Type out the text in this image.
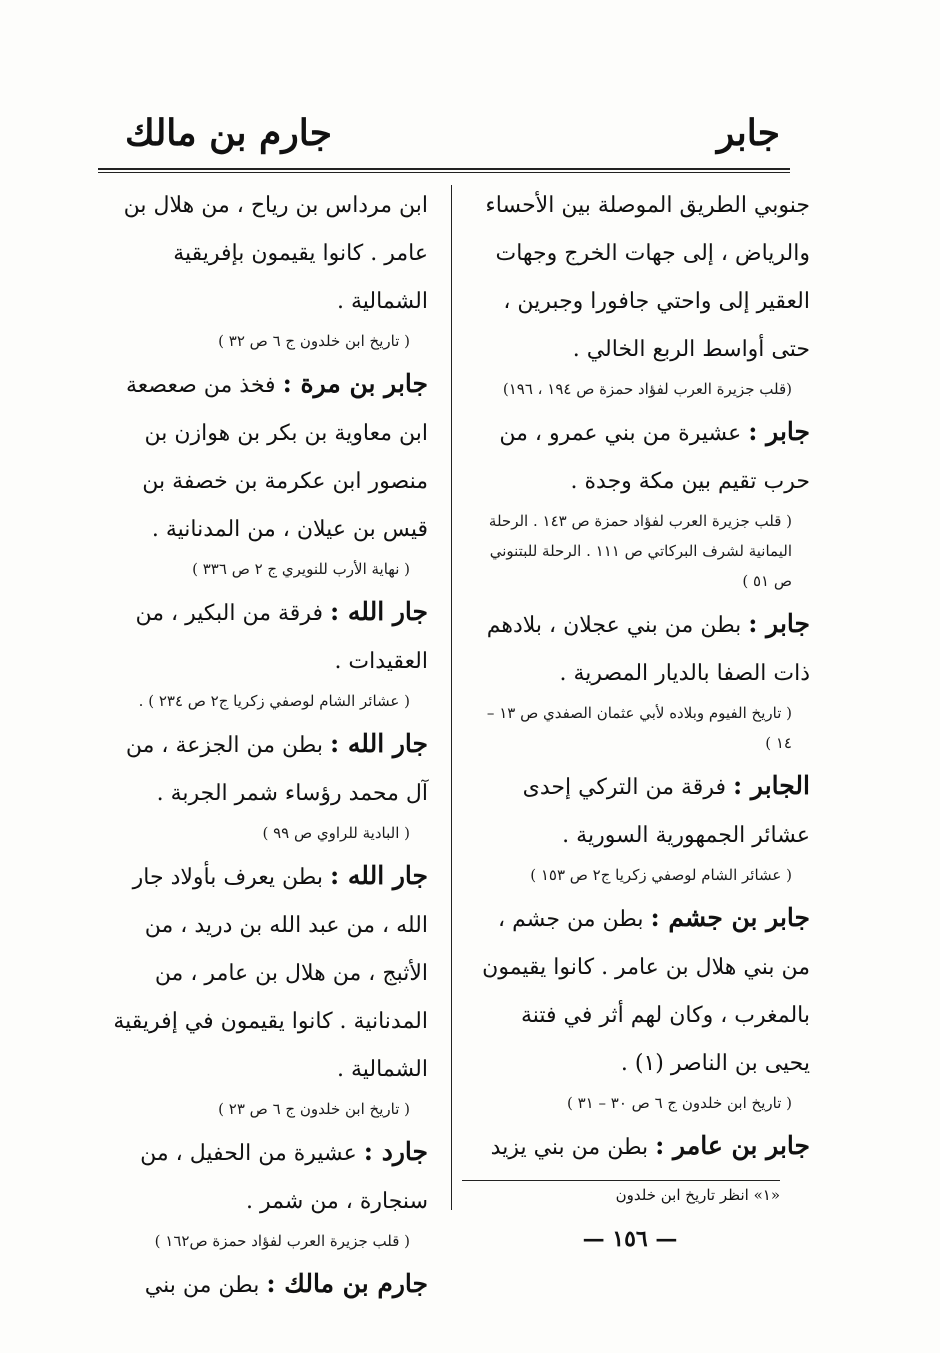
جابر
جارم بن مالك

جنوبي الطريق الموصلة بين الأحساء والرياض ، إلى جهات الخرج وجهات العقير إلى واحتي جافورا وجبرين ، حتى أواسط الربع الخالي .

(قلب جزيرة العرب لفؤاد حمزة ص ١٩٤ ، ١٩٦)

جابر : عشيرة من بني عمرو ، من حرب تقيم بين مكة وجدة .

( قلب جزيرة العرب لفؤاد حمزة ص ١٤٣ . الرحلة اليمانية لشرف البركاتي ص ١١١ . الرحلة للبتنوني ص ٥١ )

جابر : بطن من بني عجلان ، بلادهم ذات الصفا بالديار المصرية .

( تاريخ الفيوم وبلاده لأبي عثمان الصفدي ص ١٣ – ١٤ )

الجابر : فرقة من التركي إحدى عشائر الجمهورية السورية .

( عشائر الشام لوصفي زكريا ج٢ ص ١٥٣ )

جابر بن جشم : بطن من جشم ، من بني هلال بن عامر . كانوا يقيمون بالمغرب ، وكان لهم أثر في فتنة يحيى بن الناصر (١) .

( تاريخ ابن خلدون ج ٦ ص ٣٠ – ٣١ )

جابر بن عامر : بطن من بني يزيد

ابن مرداس بن رياح ، من هلال بن عامر . كانوا يقيمون بإفريقية الشمالية .

( تاريخ ابن خلدون ج ٦ ص ٣٢ )

جابر بن مرة : فخذ من صعصعة ابن معاوية بن بكر بن هوازن بن منصور ابن عكرمة بن خصفة بن قيس بن عيلان ، من المدنانية .

( نهاية الأرب للنويري ج ٢ ص ٣٣٦ )

جار الله : فرقة من البكير ، من العقيدات .

( عشائر الشام لوصفي زكريا ج٢ ص ٢٣٤ ) .

جار الله : بطن من الجزعة ، من آل محمد رؤساء شمر الجربة .

( البادية للراوي ص ٩٩ )

جار الله : بطن يعرف بأولاد جار الله ، من عبد الله بن دريد ، من الأثبج ، من هلال بن عامر ، من المدنانية . كانوا يقيمون في إفريقية الشمالية .

( تاريخ ابن خلدون ج ٦ ص ٢٣ )

جارد : عشيرة من الحفيل ، من سنجارة ، من شمر .

( قلب جزيرة العرب لفؤاد حمزة ص١٦٢ )

جارم بن مالك : بطن من بني

«١» انظر تاريخ ابن خلدون
— ١٥٦ —
